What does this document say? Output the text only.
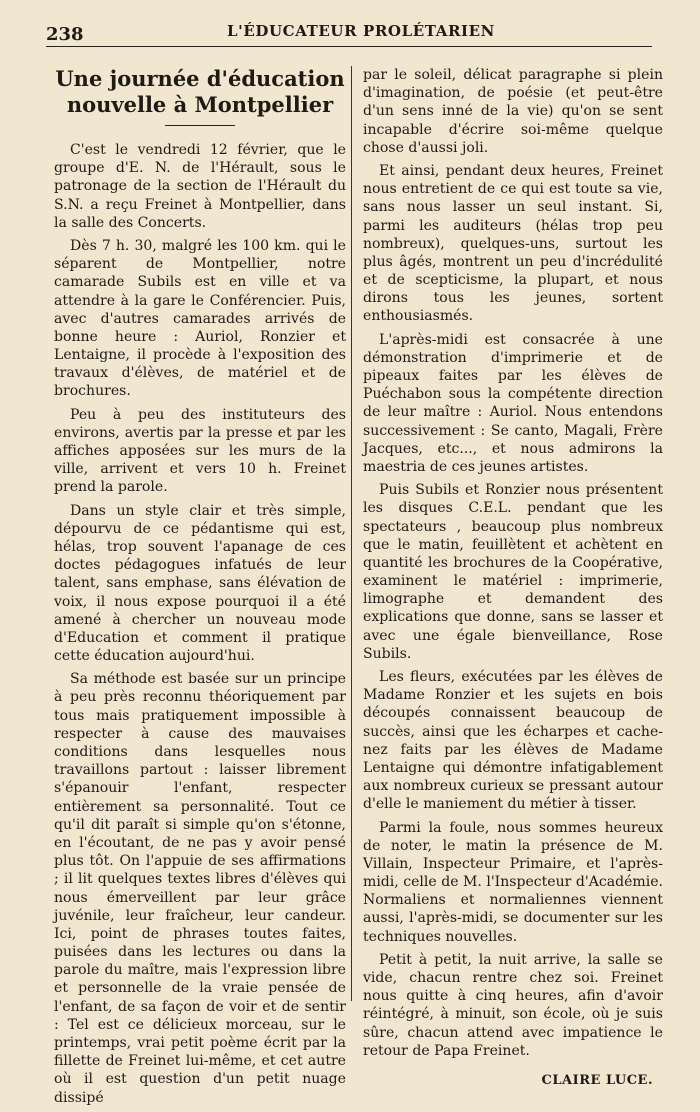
238	L'ÉDUCATEUR PROLÉTARIEN
Une journée d'éducation
nouvelle à Montpellier

C'est le vendredi 12 février, que le groupe d'E. N. de l'Hérault, sous le patronage de la section de l'Hérault du S.N. a reçu Freinet à Montpellier, dans la salle des Concerts.

Dès 7 h. 30, malgré les 100 km. qui le séparent de Montpellier, notre camarade Subils est en ville et va attendre à la gare le Conférencier. Puis, avec d'autres camarades arrivés de bonne heure : Auriol, Ronzier et Lentaigne, il procède à l'exposition des travaux d'élèves, de matériel et de brochures.

Peu à peu des instituteurs des environs, avertis par la presse et par les affiches apposées sur les murs de la ville, arrivent et vers 10 h. Freinet prend la parole.

Dans un style clair et très simple, dépourvu de ce pédantisme qui est, hélas, trop souvent l'apanage de ces doctes pédagogues infatués de leur talent, sans emphase, sans élévation de voix, il nous expose pourquoi il a été amené à chercher un nouveau mode d'Education et comment il pratique cette éducation aujourd'hui.

Sa méthode est basée sur un principe à peu près reconnu théoriquement par tous mais pratiquement impossible à respecter à cause des mauvaises conditions dans lesquelles nous travaillons partout : laisser librement s'épanouir l'enfant, respecter entièrement sa personnalité. Tout ce qu'il dit paraît si simple qu'on s'étonne, en l'écoutant, de ne pas y avoir pensé plus tôt. On l'appuie de ses affirmations ; il lit quelques textes libres d'élèves qui nous émerveillent par leur grâce juvénile, leur fraîcheur, leur candeur. Ici, point de phrases toutes faites, puisées dans les lectures ou dans la parole du maître, mais l'expression libre et personnelle de la vraie pensée de l'enfant, de sa façon de voir et de sentir : Tel est ce délicieux morceau, sur le printemps, vrai petit poème écrit par la fillette de Freinet lui-même, et cet autre où il est question d'un petit nuage dissipé

par le soleil, délicat paragraphe si plein d'imagination, de poésie (et peut-être d'un sens inné de la vie) qu'on se sent incapable d'écrire soi-même quelque chose d'aussi joli.

Et ainsi, pendant deux heures, Freinet nous entretient de ce qui est toute sa vie, sans nous lasser un seul instant. Si, parmi les auditeurs (hélas trop peu nombreux), quelques-uns, surtout les plus âgés, montrent un peu d'incrédulité et de scepticisme, la plupart, et nous dirons tous les jeunes, sortent enthousiasmés.

L'après-midi est consacrée à une démonstration d'imprimerie et de pipeaux faites par les élèves de Puéchabon sous la compétente direction de leur maître : Auriol. Nous entendons successivement : Se canto, Magali, Frère Jacques, etc..., et nous admirons la maestria de ces jeunes artistes.

Puis Subils et Ronzier nous présentent les disques C.E.L. pendant que les spectateurs , beaucoup plus nombreux que le matin, feuillètent et achètent en quantité les brochures de la Coopérative, examinent le matériel : imprimerie, limographe et demandent des explications que donne, sans se lasser et avec une égale bienveillance, Rose Subils.

Les fleurs, exécutées par les élèves de Madame Ronzier et les sujets en bois découpés connaissent beaucoup de succès, ainsi que les écharpes et cache-nez faits par les élèves de Madame Lentaigne qui démontre infatigablement aux nombreux curieux se pressant autour d'elle le maniement du métier à tisser.

Parmi la foule, nous sommes heureux de noter, le matin la présence de M. Villain, Inspecteur Primaire, et l'après-midi, celle de M. l'Inspecteur d'Académie. Normaliens et normaliennes viennent aussi, l'après-midi, se documenter sur les techniques nouvelles.

Petit à petit, la nuit arrive, la salle se vide, chacun rentre chez soi. Freinet nous quitte à cinq heures, afin d'avoir réintégré, à minuit, son école, où je suis sûre, chacun attend avec impatience le retour de Papa Freinet.

CLAIRE LUCE.
